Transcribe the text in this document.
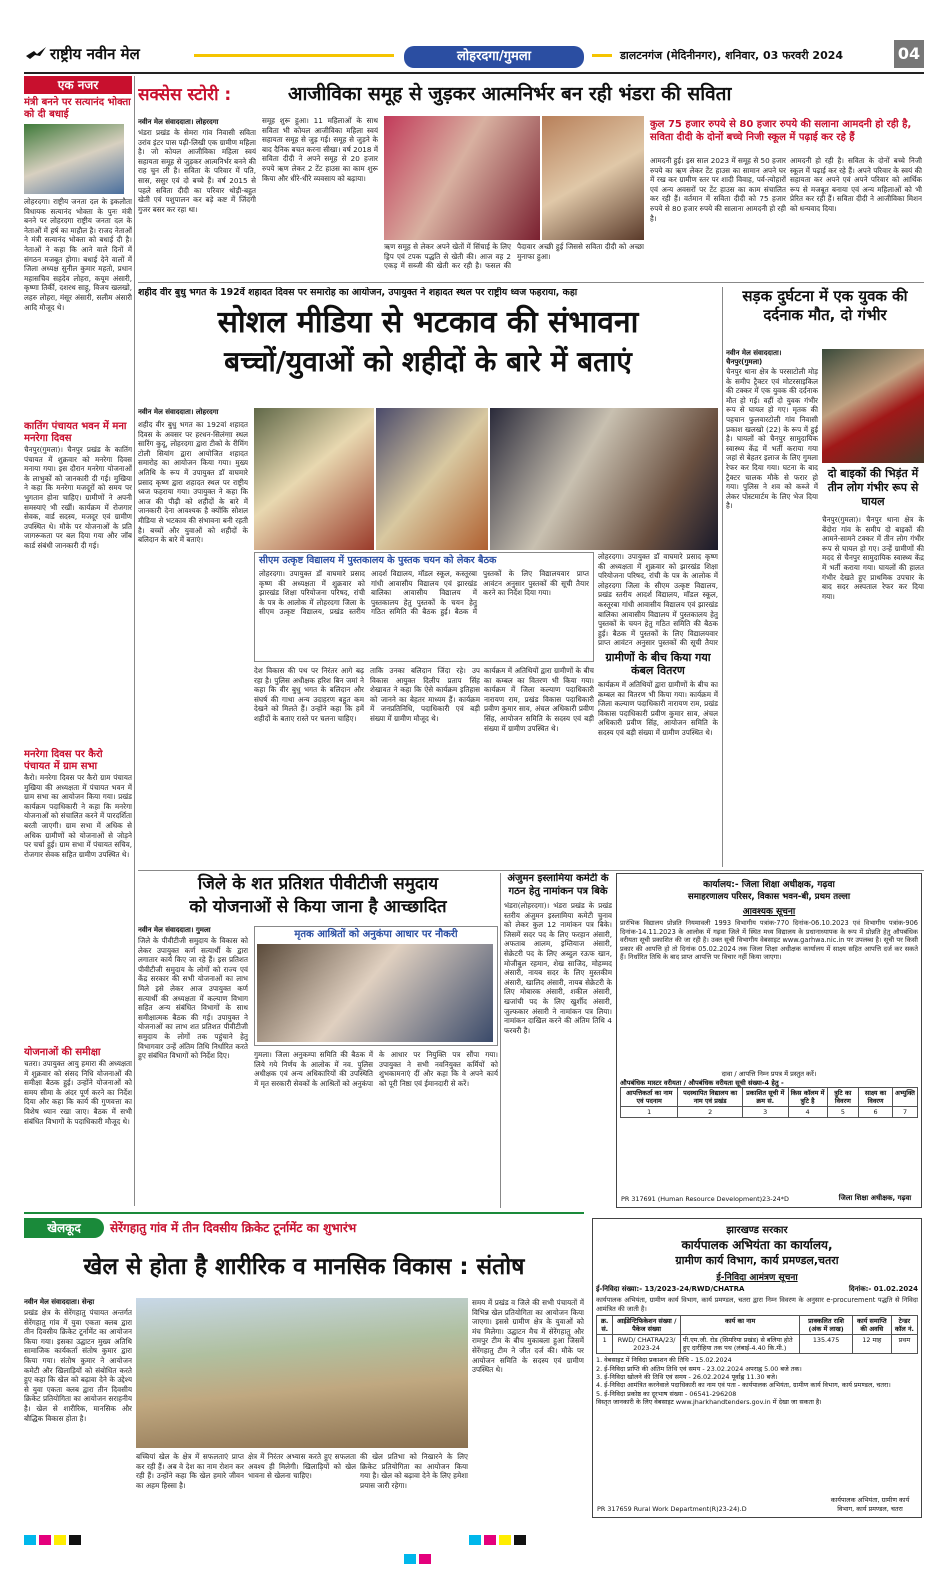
राष्ट्रीय नवीन मेल	लोहरदगा/गुमला	डालटनगंज (मेदिनीनगर), शनिवार, 03 फरवरी 2024	04
एक नजर
मंत्री बनने पर सत्यानंद भोक्ता को दी बधाई
लोहरदगा। राष्ट्रीय जनता दल के इकलौता विधायक सत्यानंद भोक्ता के पुनः मंत्री बनने पर लोहरदगा राष्ट्रीय जनता दल के नेताओं में हर्ष का माहौल है। राजद नेताओं ने मंत्री सत्यानंद भोक्ता को बधाई दी है। नेताओं ने कहा कि आने वाले दिनों में संगठन मजबूत होगा। बधाई देने वालों में जिला अध्यक्ष सुनील कुमार महतो, प्रधान महासचिव सहदेव लोहरा, कयूम अंसारी, कृष्णा तिर्की, दशरथ साहू, विजय खलखो, लहरु लोहरा, मंसूर अंसारी, सलीम अंसारी आदि मौजूद थे।
कातिंग पंचायत भवन में मना मनरेगा दिवस
चैनपुर(गुमला)। चैनपुर प्रखंड के कातिंग पंचायत में शुक्रवार को मनरेगा दिवस मनाया गया। इस दौरान मनरेगा योजनाओं के लाभुकों को जानकारी दी गई। मुखिया ने कहा कि मनरेगा मजदूरों को समय पर भुगतान होना चाहिए। ग्रामीणों ने अपनी समस्याएं भी रखीं। कार्यक्रम में रोजगार सेवक, वार्ड सदस्य, मजदूर एवं ग्रामीण उपस्थित थे। मौके पर योजनाओं के प्रति जागरूकता पर बल दिया गया और जॉब कार्ड संबंधी जानकारी दी गई।
मनरेगा दिवस पर कैरो पंचायत में ग्राम सभा
कैरो। मनरेगा दिवस पर कैरो ग्राम पंचायत मुखिया की अध्यक्षता में पंचायत भवन में ग्राम सभा का आयोजन किया गया। प्रखंड कार्यक्रम पदाधिकारी ने कहा कि मनरेगा योजनाओं को संचालित करने में पारदर्शिता बरती जाएगी। ग्राम सभा में अधिक से अधिक ग्रामीणों को योजनाओं से जोड़ने पर चर्चा हुई। ग्राम सभा में पंचायत सचिव, रोजगार सेवक सहित ग्रामीण उपस्थित थे।
योजनाओं की समीक्षा
चतरा। उपायुक्त आयु हमारा की अध्यक्षता में शुक्रवार को संसद निधि योजनाओं की समीक्षा बैठक हुई। उन्होंने योजनाओं को समय सीमा के अंदर पूर्ण करने का निर्देश दिया और कहा कि कार्य की गुणवत्ता का विशेष ध्यान रखा जाए। बैठक में सभी संबंधित विभागों के पदाधिकारी मौजूद थे।
सक्सेस स्टोरी :	आजीविका समूह से जुड़कर आत्मनिर्भर बन रही भंडरा की सविता
नवीन मेल संवाददाता। लोहरदगा
भंडरा प्रखंड के सेमरा गांव निवासी सविता उरांव इंटर पास पढ़ी-लिखी एक ग्रामीण महिला है। जो कोयल आजीविका महिला स्वयं सहायता समूह से जुड़कर आत्मनिर्भर बनने की राह चुन ली है। सविता के परिवार में पति, सास, ससुर एवं दो बच्चे हैं। वर्ष 2015 से पहले सविता दीदी का परिवार थोड़ी-बहुत खेती एवं पशुपालन कर बड़े कष्ट में जिंदगी गुजर बसर कर रहा था।
समूह शुरू हुआ। 11 महिलाओं के साथ सविता भी कोयल आजीविका महिला स्वयं सहायता समूह से जुड़ गई। समूह से जुड़ने के बाद दैनिक बचत करना सीखा। वर्ष 2018 में सविता दीदी ने अपने समूह से 20 हजार रुपये ऋण लेकर 2 टेंट हाउस का काम शुरू किया और धीरे-धीरे व्यवसाय को बढ़ाया।
ऋण समूह से लेकर अपने खेतों में सिंचाई के लिए ड्रिप एवं टपक पद्धति से खेती की। आज वह 2 एकड़ में सब्जी की खेती कर रही है। फसल की पैदावार अच्छी हुई जिससे सविता दीदी को अच्छा मुनाफा हुआ।
कुल 75 हजार रुपये से 80 हजार रुपये की सलाना आमदनी हो रही है, सविता दीदी के दोनों बच्चे निजी स्कूल में पढ़ाई कर रहे हैं
आमदनी हुई। इस साल 2023 में समूह से 50 हजार रुपये का ऋण लेकर टेंट हाउस का सामान अपने घर में रख कर ग्रामीण स्तर पर शादी विवाह, पर्व-त्योहारों एवं अन्य अवसरों पर टेंट हाउस का काम संचालित कर रही हैं। वर्तमान में सविता दीदी को 75 हजार रुपये से 80 हजार रुपये की सालाना आमदनी हो रही है।
आमदनी हो रही है। सविता के दोनों बच्चे निजी स्कूल में पढ़ाई कर रहे हैं। अपने परिवार के स्वयं की सहायता कर अपने एवं अपने परिवार को आर्थिक रूप से मजबूत बनाया एवं अन्य महिलाओं को भी प्रेरित कर रही हैं। सविता दीदी ने आजीविका मिशन को धन्यवाद दिया।
शहीद वीर बुधु भगत के 192वें शहादत दिवस पर समारोह का आयोजन, उपायुक्त ने शहादत स्थल पर राष्ट्रीय ध्वज फहराया, कहा
सोशल मीडिया से भटकाव की संभावना
बच्चों/युवाओं को शहीदों के बारे में बताएं
नवीन मेल संवाददाता। लोहरदगा
शहीद वीर बुधु भगत का 192वां शहादत दिवस के अवसर पर हरधन-सिलंग्ग़ा स्थल सारिंग कुदू, लोहरदगा द्वारा टीको के रीमिंग टोली सियांग द्वारा आयोजित शहादत समारोह का आयोजन किया गया। मुख्य अतिथि के रूप में उपायुक्त डॉ वाघमारे प्रसाद कृष्ण द्वारा शहादत स्थल पर राष्ट्रीय ध्वज फहराया गया। उपायुक्त ने कहा कि आज की पीढ़ी को शहीदों के बारे में जानकारी देना आवश्यक है क्योंकि सोशल मीडिया से भटकाव की संभावना बनी रहती है। बच्चों और युवाओं को शहीदों के बलिदान के बारे में बताएं।
सीएम उत्कृष्ट विद्यालय में पुस्तकालय के पुस्तक चयन को लेकर बैठक
लोहरदगा। उपायुक्त डॉ वाघमारे प्रसाद कृष्ण की अध्यक्षता में शुक्रवार को झारखंड शिक्षा परियोजना परिषद, रांची के पत्र के आलोक में लोहरदगा जिला के सीएम उत्कृष्ट विद्यालय, प्रखंड स्तरीय आदर्श विद्यालय, मॉडल स्कूल, कस्तूरबा गांधी आवासीय विद्यालय एवं झारखंड बालिका आवासीय विद्यालय में पुस्तकालय हेतु पुस्तकों के चयन हेतु गठित समिति की बैठक हुई। बैठक में पुस्तकों के लिए विद्यालयवार प्राप्त आवंटन अनुसार पुस्तकों की सूची तैयार करने का निर्देश दिया गया।
देश विकास की पथ पर निरंतर आगे बढ़ रहा है। पुलिस अधीक्षक हरिश बिन जमां ने कहा कि वीर बुधु भगत के बलिदान और संघर्ष की गाथा अन्य उदाहरण बहुत कम देखने को मिलते हैं। उन्होंने कहा कि हमें शहीदों के बताए रास्ते पर चलना चाहिए।
ताकि उनका बलिदान जिंदा रहे। उप विकास आयुक्त दिलीप प्रताप सिंह शेखावत ने कहा कि ऐसे कार्यक्रम इतिहास को जानने का बेहतर माध्यम हैं। कार्यक्रम में जनप्रतिनिधि, पदाधिकारी एवं बड़ी संख्या में ग्रामीण मौजूद थे।
लोहरदगा। उपायुक्त डॉ वाघमारे प्रसाद कृष्ण की अध्यक्षता में शुक्रवार को झारखंड शिक्षा परियोजना परिषद, रांची के पत्र के आलोक में लोहरदगा जिला के सीएम उत्कृष्ट विद्यालय, प्रखंड स्तरीय आदर्श विद्यालय, मॉडल स्कूल, कस्तूरबा गांधी आवासीय विद्यालय एवं झारखंड बालिका आवासीय विद्यालय में पुस्तकालय हेतु पुस्तकों के चयन हेतु गठित समिति की बैठक हुई। बैठक में पुस्तकों के लिए विद्यालयवार प्राप्त आवंटन अनुसार पुस्तकों की सूची तैयार
ग्रामीणों के बीच किया गया कंबल वितरण
कार्यक्रम में अतिथियों द्वारा ग्रामीणों के बीच का कम्बल का वितरण भी किया गया। कार्यक्रम में जिला कल्याण पदाधिकारी नारायण राम, प्रखंड विकास पदाधिकारी प्रवीण कुमार साव, अंचल अधिकारी प्रवीण सिंह, आयोजन समिति के सदस्य एवं बड़ी संख्या में ग्रामीण उपस्थित थे।
कार्यक्रम में अतिथियों द्वारा ग्रामीणों के बीच का कम्बल का वितरण भी किया गया। कार्यक्रम में जिला कल्याण पदाधिकारी नारायण राम, प्रखंड विकास पदाधिकारी प्रवीण कुमार साव, अंचल अधिकारी प्रवीण सिंह, आयोजन समिति के सदस्य एवं बड़ी संख्या में ग्रामीण उपस्थित थे।
सड़क दुर्घटना में एक युवक की दर्दनाक मौत, दो गंभीर
नवीन मेल संवाददाता। चैनपुर(गुमला)
चैनपुर थाना क्षेत्र के परसाटोली मोड़ के समीप ट्रैक्टर एवं मोटरसाइकिल की टक्कर में एक युवक की दर्दनाक मौत हो गई। वहीं दो युवक गंभीर रूप से घायल हो गए। मृतक की पहचान फुलवारटोली गांव निवासी प्रकाश खलखो (22) के रूप में हुई है। घायलों को चैनपुर सामुदायिक स्वास्थ्य केंद्र में भर्ती कराया गया जहां से बेहतर इलाज के लिए गुमला रेफर कर दिया गया। घटना के बाद ट्रैक्टर चालक मौके से फरार हो गया। पुलिस ने शव को कब्जे में लेकर पोस्टमार्टम के लिए भेज दिया है।
दो बाइकों की भिड़ंत में तीन लोग गंभीर रूप से घायल
चैनपुर(गुमला)। चैनपुर थाना क्षेत्र के बेंदोरा गांव के समीप दो बाइकों की आमने-सामने टक्कर में तीन लोग गंभीर रूप से घायल हो गए। उन्हें ग्रामीणों की मदद से चैनपुर सामुदायिक स्वास्थ्य केंद्र में भर्ती कराया गया। घायलों की हालत गंभीर देखते हुए प्राथमिक उपचार के बाद सदर अस्पताल रेफर कर दिया गया।
जिले के शत प्रतिशत पीवीटीजी समुदाय
को योजनाओं से किया जाना है आच्छादित
नवीन मेल संवाददाता। गुमला
जिले के पीवीटीजी समुदाय के विकास को लेकर उपायुक्त कर्ण सत्यार्थी के द्वारा लगातार कार्य किए जा रहे हैं। इस प्रतिशत पीवीटीजी समुदाय के लोगों को राज्य एवं केंद्र सरकार की सभी योजनाओं का लाभ मिले इसे लेकर आज उपायुक्त कर्ण सत्यार्थी की अध्यक्षता में कल्याण विभाग सहित अन्य संबंधित विभागों के साथ समीक्षात्मक बैठक की गई। उपायुक्त ने योजनाओं का लाभ शत प्रतिशत पीवीटीजी समुदाय के लोगों तक पहुंचाने हेतु विभागवार उन्हें अंतिम तिथि निर्धारित करते हुए संबंधित विभागों को निर्देश दिए।
मृतक आश्रितों को अनुकंपा आधार पर नौकरी
गुमला। जिला अनुकम्पा समिति की बैठक में लिये गये निर्णय के आलोक में नव. पुलिस अधीक्षक एवं अन्य अधिकारियों की उपस्थिति में मृत सरकारी सेवकों के आश्रितों को अनुकंपा के आधार पर नियुक्ति पत्र सौंपा गया। उपायुक्त ने सभी नवनियुक्त कर्मियों को शुभकामनाएं दीं और कहा कि वे अपने कार्य को पूरी निष्ठा एवं ईमानदारी से करें।
अंजुमन इस्लामिया कमेटी के गठन हेतु नामांकन पत्र बिके
भंडरा(लोहरदगा)। भंडरा प्रखंड के प्रखंड स्तरीय अंजुमन इस्लामिया कमेटी चुनाव को लेकर कुल 12 नामांकन पत्र बिके। जिसमें सदर पद के लिए फरहान अंसारी, अफताब आलम, इम्तियाज अंसारी, सेक्रेटरी पद के लिए अब्दुल रऊफ खान, मोजीबुल रहमान, शेख साजिद, मोहम्मद अंसारी, नायब सदर के लिए मुस्तकीम अंसारी, खालिद अंसारी, नायब सेक्रेटरी के लिए मोबारक अंसारी, शकील अंसारी, खजांची पद के लिए खुर्शीद अंसारी, जुल्फकार अंसारी ने नामांकन पत्र लिया। नामांकन दाखिल करने की अंतिम तिथि 4 फरवरी है।
कार्यालय:- जिला शिक्षा अधीक्षक, गढ़वा
समाहरणालय परिसर, विकास भवन-बी, प्रथम तल्ला
आवश्यक सूचना
प्रारंभिक विद्यालय प्रोन्नति नियमावली 1993 विभागीय पत्रांक-770 दिनांक-06.10.2023 एवं विभागीय पत्रांक-906 दिनांक-14.11.2023 के आलोक में गढ़वा जिले में स्थित मध्य विद्यालय के प्रधानाध्यापक के रूप में प्रोन्नति हेतु औपबंधिक वरीयता सूची प्रकाशित की जा रही है। उक्त सूची विभागीय वेबसाइट www.garhwa.nic.in पर उपलब्ध है। सूची पर किसी प्रकार की आपत्ति हो तो दिनांक 05.02.2024 तक जिला शिक्षा अधीक्षक कार्यालय में साक्ष्य सहित आपत्ति दर्ज कर सकते हैं। निर्धारित तिथि के बाद प्राप्त आपत्ति पर विचार नहीं किया जाएगा।
दावा / आपत्ति निम्न प्रपत्र में प्रस्तुत करें।
औपबंधिक मास्टर वरीयता / औपबंधिक वरीयता सूची संख्या-4 हेतु -
आपत्तिकर्ता का नाम एवं पदनाम	पदस्थापित विद्यालय का नाम एवं प्रखंड	प्रकाशित सूची में क्रम सं.	किस कॉलम में त्रुटि है	त्रुटि का विवरण	साक्ष्य का विवरण	अभ्युक्ति
1	2	3	4	5	6	7
PR 317691 (Human Resource Development)23-24*D	जिला शिक्षा अधीक्षक, गढ़वा
खेलकूद	सेरेंगहातु गांव में तीन दिवसीय क्रिकेट टूर्नामेंट का शुभारंभ
खेल से होता है शारीरिक व मानसिक विकास : संतोष
नवीन मेल संवाददाता। सेन्हा
प्रखंड क्षेत्र के सेरेंगहातु पंचायत अन्तर्गत सेरेंगहातु गांव में युवा एकता क्लब द्वारा तीन दिवसीय क्रिकेट टूर्नामेंट का आयोजन किया गया। इसका उद्घाटन मुख्य अतिथि सामाजिक कार्यकर्ता संतोष कुमार द्वारा किया गया। संतोष कुमार ने आयोजन कमेटी और खिलाड़ियों को संबोधित करते हुए कहा कि खेल को बढ़ावा देने के उद्देश्य से युवा एकता क्लब द्वारा तीन दिवसीय क्रिकेट प्रतियोगिता का आयोजन सराहनीय है। खेल से शारीरिक, मानसिक और बौद्धिक विकास होता है।
बच्चियां खेल के क्षेत्र में सफलताएं प्राप्त कर रही हैं। अब वे देश का नाम रोशन कर रही हैं। उन्होंने कहा कि खेल हमारे जीवन का अहम हिस्सा है।
क्षेत्र में निरंतर अभ्यास करते हुए सफलता अवश्य ही मिलेगी। खिलाड़ियों को खेल भावना से खेलना चाहिए।
की खेल प्रतिभा को निखारने के लिए क्रिकेट प्रतियोगिता का आयोजन किया गया है। खेल को बढ़ावा देने के लिए हमेशा प्रयास जारी रहेगा।
समय में प्रखंड व जिले की सभी पंचायतों में विभिन्न खेल प्रतियोगिता का आयोजन किया जाएगा। इससे ग्रामीण क्षेत्र के युवाओं को मंच मिलेगा। उद्घाटन मैच में सेरेंगहातु और रामपुर टीम के बीच मुकाबला हुआ जिसमें सेरेंगहातु टीम ने जीत दर्ज की। मौके पर आयोजन समिति के सदस्य एवं ग्रामीण उपस्थित थे।
झारखण्ड सरकार
कार्यपालक अभियंता का कार्यालय,
ग्रामीण कार्य विभाग, कार्य प्रमण्डल,चतरा
ई-निविदा आमंत्रण सूचना
ई-निविदा संख्या:- 13/2023-24/RWD/CHATRA	दिनांक:- 01.02.2024
कार्यपालक अभियंता, ग्रामीण कार्य विभाग, कार्य प्रमण्डल, चतरा द्वारा निम्न विवरण के अनुसार e-procurement पद्धति से निविदा आमंत्रित की जाती है।
क्र. सं.	आईडेन्टिफिकेशन संख्या / पैकेज संख्या	कार्य का नाम	प्राक्कलित राशि (अंक में लाख)	कार्य समाप्ति की अवधि	टेन्डर कॉल नं.
1	RWD/ CHATRA/23/ 2023-24	पी.एम.जी. रोड (सिमरिया प्रखंड) से बलिया होते हुए दारीहिया तक पथ (लंबाई-4.40 कि.मी.)	135.475	12 माह	प्रथम
1. वेबसाइट में निविदा प्रकाशन की तिथि - 15.02.2024
2. ई-निविदा प्राप्ति की अंतिम तिथि एवं समय - 23.02.2024 अपराह्न 5.00 बजे तक।
3. ई-निविदा खोलने की तिथि एवं समय - 26.02.2024 पूर्वाह्न 11.30 बजे।
4. ई-निविदा आमंत्रित करनेवाले पदाधिकारी का नाम एवं पता - कार्यपालक अभियंता, ग्रामीण कार्य विभाग, कार्य प्रमण्डल, चतरा।
5. ई-निविदा प्रकोष्ठ का दूरभाष संख्या - 06541-296208
विस्तृत जानकारी के लिए वेबसाइट www.jharkhandtenders.gov.in में देखा जा सकता है।
PR 317659 Rural Work Department(R)23-24).D
कार्यपालक अभियंता, ग्रामीण कार्य विभाग, कार्य प्रमण्डल, चतरा
